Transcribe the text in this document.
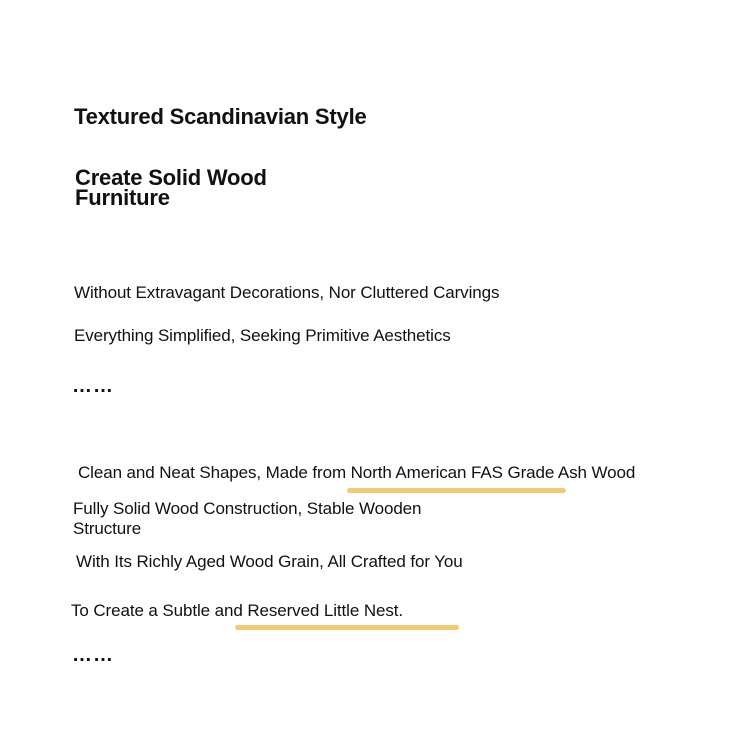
Textured Scandinavian Style
Create Solid Wood
Furniture
Without Extravagant Decorations, Nor Cluttered Carvings
Everything Simplified, Seeking Primitive Aesthetics
……
Clean and Neat Shapes, Made from North American FAS Grade Ash Wood
Fully Solid Wood Construction, Stable Wooden
Structure
With Its Richly Aged Wood Grain, All Crafted for You
To Create a Subtle and Reserved Little Nest.
……
